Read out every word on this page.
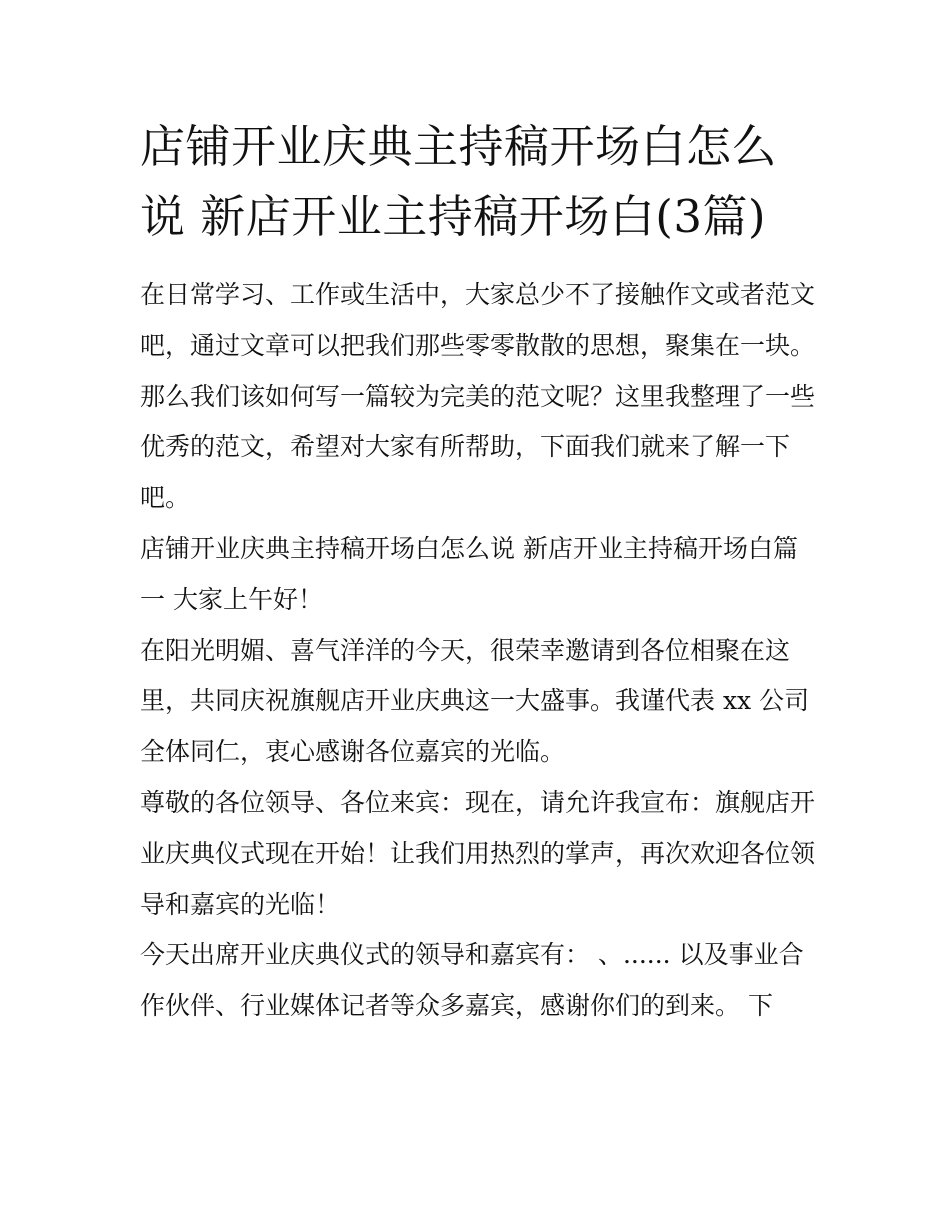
店铺开业庆典主持稿开场白怎么说 新店开业主持稿开场白(3篇)

在日常学习、工作或生活中，大家总少不了接触作文或者范文吧，通过文章可以把我们那些零零散散的思想，聚集在一块。那么我们该如何写一篇较为完美的范文呢？这里我整理了一些优秀的范文，希望对大家有所帮助，下面我们就来了解一下吧。

店铺开业庆典主持稿开场白怎么说 新店开业主持稿开场白篇一 大家上午好！

在阳光明媚、喜气洋洋的今天，很荣幸邀请到各位相聚在这里，共同庆祝旗舰店开业庆典这一大盛事。我谨代表 xx 公司全体同仁，衷心感谢各位嘉宾的光临。

尊敬的各位领导、各位来宾：现在，请允许我宣布：旗舰店开业庆典仪式现在开始！让我们用热烈的掌声，再次欢迎各位领导和嘉宾的光临！

今天出席开业庆典仪式的领导和嘉宾有： 、...... 以及事业合作伙伴、行业媒体记者等众多嘉宾，感谢你们的到来。 下
